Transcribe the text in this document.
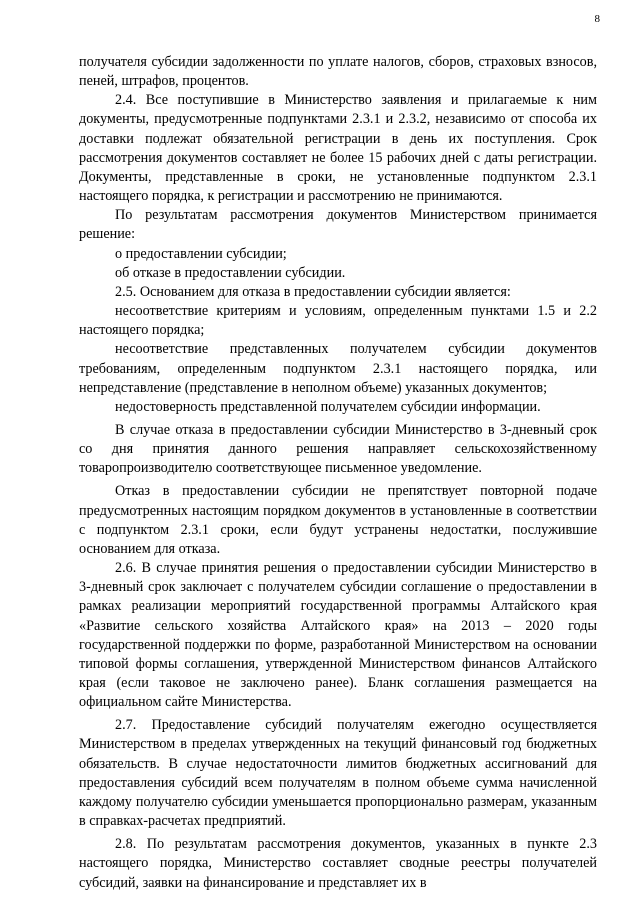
8

получателя субсидии задолженности по уплате налогов, сборов, страховых взносов, пеней, штрафов, процентов.

2.4. Все поступившие в Министерство заявления и прилагаемые к ним документы, предусмотренные подпунктами 2.3.1 и 2.3.2, независимо от способа их доставки подлежат обязательной регистрации в день их поступления. Срок рассмотрения документов составляет не более 15 рабочих дней с даты регистрации. Документы, представленные в сроки, не установленные подпунктом 2.3.1 настоящего порядка, к регистрации и рассмотрению не принимаются.

По результатам рассмотрения документов Министерством принимается решение:

о предоставлении субсидии;

об отказе в предоставлении субсидии.

2.5. Основанием для отказа в предоставлении субсидии является:

несоответствие критериям и условиям, определенным пунктами 1.5 и 2.2 настоящего порядка;

несоответствие представленных получателем субсидии документов требованиям, определенным подпунктом 2.3.1 настоящего порядка, или непредставление (представление в неполном объеме) указанных документов;

недостоверность представленной получателем субсидии информации.

В случае отказа в предоставлении субсидии Министерство в 3-дневный срок со дня принятия данного решения направляет сельскохозяйственному товаропроизводителю соответствующее письменное уведомление.

Отказ в предоставлении субсидии не препятствует повторной подаче предусмотренных настоящим порядком документов в установленные в соответствии с подпунктом 2.3.1 сроки, если будут устранены недостатки, послужившие основанием для отказа.

2.6. В случае принятия решения о предоставлении субсидии Министерство в 3-дневный срок заключает с получателем субсидии соглашение о предоставлении в рамках реализации мероприятий государственной программы Алтайского края «Развитие сельского хозяйства Алтайского края» на 2013 – 2020 годы государственной поддержки по форме, разработанной Министерством на основании типовой формы соглашения, утвержденной Министерством финансов Алтайского края (если таковое не заключено ранее). Бланк соглашения размещается на официальном сайте Министерства.

2.7. Предоставление субсидий получателям ежегодно осуществляется Министерством в пределах утвержденных на текущий финансовый год бюджетных обязательств. В случае недостаточности лимитов бюджетных ассигнований для предоставления субсидий всем получателям в полном объеме сумма начисленной каждому получателю субсидии уменьшается пропорционально размерам, указанным в справках-расчетах предприятий.

2.8. По результатам рассмотрения документов, указанных в пункте 2.3 настоящего порядка, Министерство составляет сводные реестры получателей субсидий, заявки на финансирование и представляет их в
